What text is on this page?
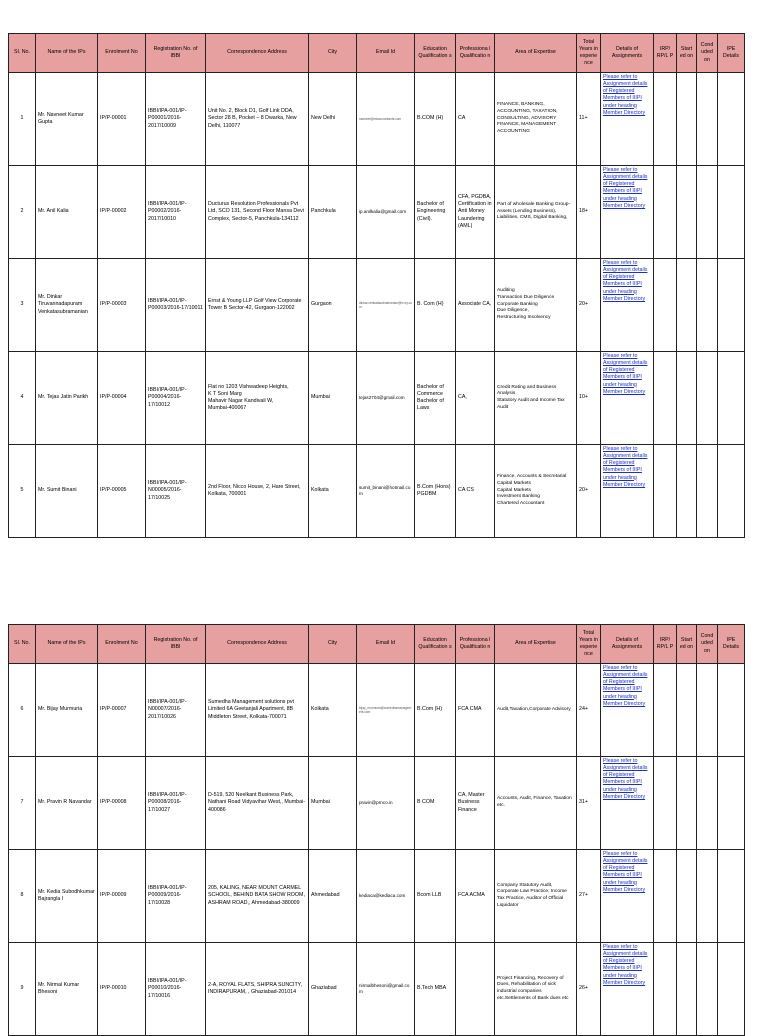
Sl. No.	Name of the IPs	Enrolment No	Registration No. of IBBI	Correspondence Address	City	Email Id	Education Qualification s	Professiona l Qualificatio n	Area of Expertise	Total Years in experie nce	Details of Assignments	IRP/ RP/L P	Start ed on	Cond uded on	IPE Details
1	Mr. Navneet Kumar Gupta	IP/P-00001	IBBI/IPA-001/IP-P00001/2016-2017/10009	Unit No. 2, Block D1, Golf Link DDA, Sector 28 B, Pocket – 8 Dwarka, New Delhi, 110077	New Delhi	navneet@mtaccountants.com	B.COM (H)	CA	FINANCE, BANKING, ACCOUNTING, TAXATION, CONSULTING, ADVISORY FINANCE, MANAGEMENT ACCOUNTING	11+	Please refer to Assignment details of Registered Members of IIIPI under heading Member Directory				

2	Mr. Anil Kalia	IP/P-00002	IBBI/IPA-001/IP-P00002/2016-2017/10010	Ducturus Resolution Professionals Pvt Ltd, SCO 131, Second Floor Mansa Devi Complex, Sector-5, Panchkula-134112	Panchkula	ip.anilkalia@gmail.com	Bachelor of Engineering (Civil).	CFA, PGDBA, Certification in Anti Money Laundering (AML)	Part of wholesale Banking Group-Assets (Lending Business), Liabilities, CMS, Digital Banking,	18+	Please refer to Assignment details of Registered Members of IIIPI under heading Member Directory				

3	Mr. Dinkar Tiruvannadapuram Venkatasubramanian	IP/P-00003	IBBI/IPA-001/IP-P00003/2016-17/10011	Ernst & Young LLP Golf View Corporate Tower B Sector-42, Gurgaon-122002	Gurgaon	dinkar.venkatasubramanian@in.ey.com	B. Com (H)	Associate CA,	Auditing
Transaction Due Diligence
Corporate Banking
Due Diligence,
Restructuring Insolvency	20+	Please refer to Assignment details of Registered Members of IIIPI under heading Member Directory				

4	Mr. Tejas Jatin Parikh	IP/P-00004	IBBI/IPA-001/IP-P00004/2016-17/10012	Flat no 1203 Vishwadeep Heights,
K T Soni Marg
Mahavir Nagar Kandivali W,
Mumbai-400067	Mumbai	tejas2704@gmail.com	Bachelor of Commerce Bachelor of Laws	CA,	Credit Rating and Business Analysis
Statutory Audit and Income Tax Audit	10+	Please refer to Assignment details of Registered Members of IIIPI under heading Member Directory				

5	Mr. Sumit Binani	IP/P-00005	IBBI/IPA-001/IP-N00005/2016-17/10025	2nd Floor, Nicco House, 2, Hare Street, Kolkata, 700001	Kolkata	sumit_binani@hotmail.com	B.Com (Hons) PGDBM	CA CS	Finance, Accounts & Secretarial
Capital Markets
Capital Markets
Investment Banking
Chartered Accountant	20+	Please refer to Assignment details of Registered Members of IIIPI under heading Member Directory				

Sl. No.	Name of the IPs	Enrolment No	Registration No. of IBBI	Correspondence Address	City	Email Id	Education Qualification s	Professiona l Qualificatio n	Area of Expertise	Total Years in experie nce	Details of Assignments	IRP/ RP/L P	Start ed on	Cond uded on	IPE Details
6	Mr. Bijay Murmuria	IP/P-00007	IBBI/IPA-001/IP-N00007/2016-2017/10026	Sumedha Management solutions pvt Limited 6A Geetanjali Apartment, 8B Middleton Street, Kolkata-700071	Kolkata	bijay_murmuria@sumedhamanagement.com	B.Com (H)	FCA CMA	Audit,Taxation,Corporate Advisory	24+	Please refer to Assignment details of Registered Members of IIIPI under heading Member Directory				

7	Mr. Pravin R Navandar	IP/P-00008	IBBI/IPA-001/IP-P00008/2016-17/10027	D-519, 520 Neelkant Business Park, Nathani Road Vidyavihar West,, Mumbai-400086	Mumbai	pravin@prnco.in	B COM	CA, Master Business Finance	Accounts, Audit, Finance, Taxation etc.	31+	Please refer to Assignment details of Registered Members of IIIPI under heading Member Directory				

8	Mr. Kedia Subodhkumar Bajrangla l	IP/P-00009	IBBI/IPA-001/IP-P00009/2016-17/10028	205, KALING, NEAR MOUNT CARMEL SCHOOL, BEHIND BATA SHOW ROOM, ASHRAM ROAD,, Ahmedabad-380009	Ahmedabad	kediaca@kediaca.com	Bcom LLB	FCA ACMA	Company Statutory Audit, Corporate Law Practice, Income Tax Practice, Auditor of Official Liquidator	27+	Please refer to Assignment details of Registered Members of IIIPI under heading Member Directory				

9	Mr. Nirmal Kumar Bhesoni	IP/P-00010	IBBI/IPA-001/IP-P00010/2016-17/10016	2-A, ROYAL FLATS, SHIPRA SUNCITY, INDIRAPURAM, , Ghaziabad-201014	Ghaziabad	nirmalbhesoni@gmail.com	B.Tech MBA		Project Financing, Recovery of Dues, Rehabilitation of sick industrial companies etc.Settlements of Bank dues etc	26+	Please refer to Assignment details of Registered Members of IIIPI under heading Member Directory				
